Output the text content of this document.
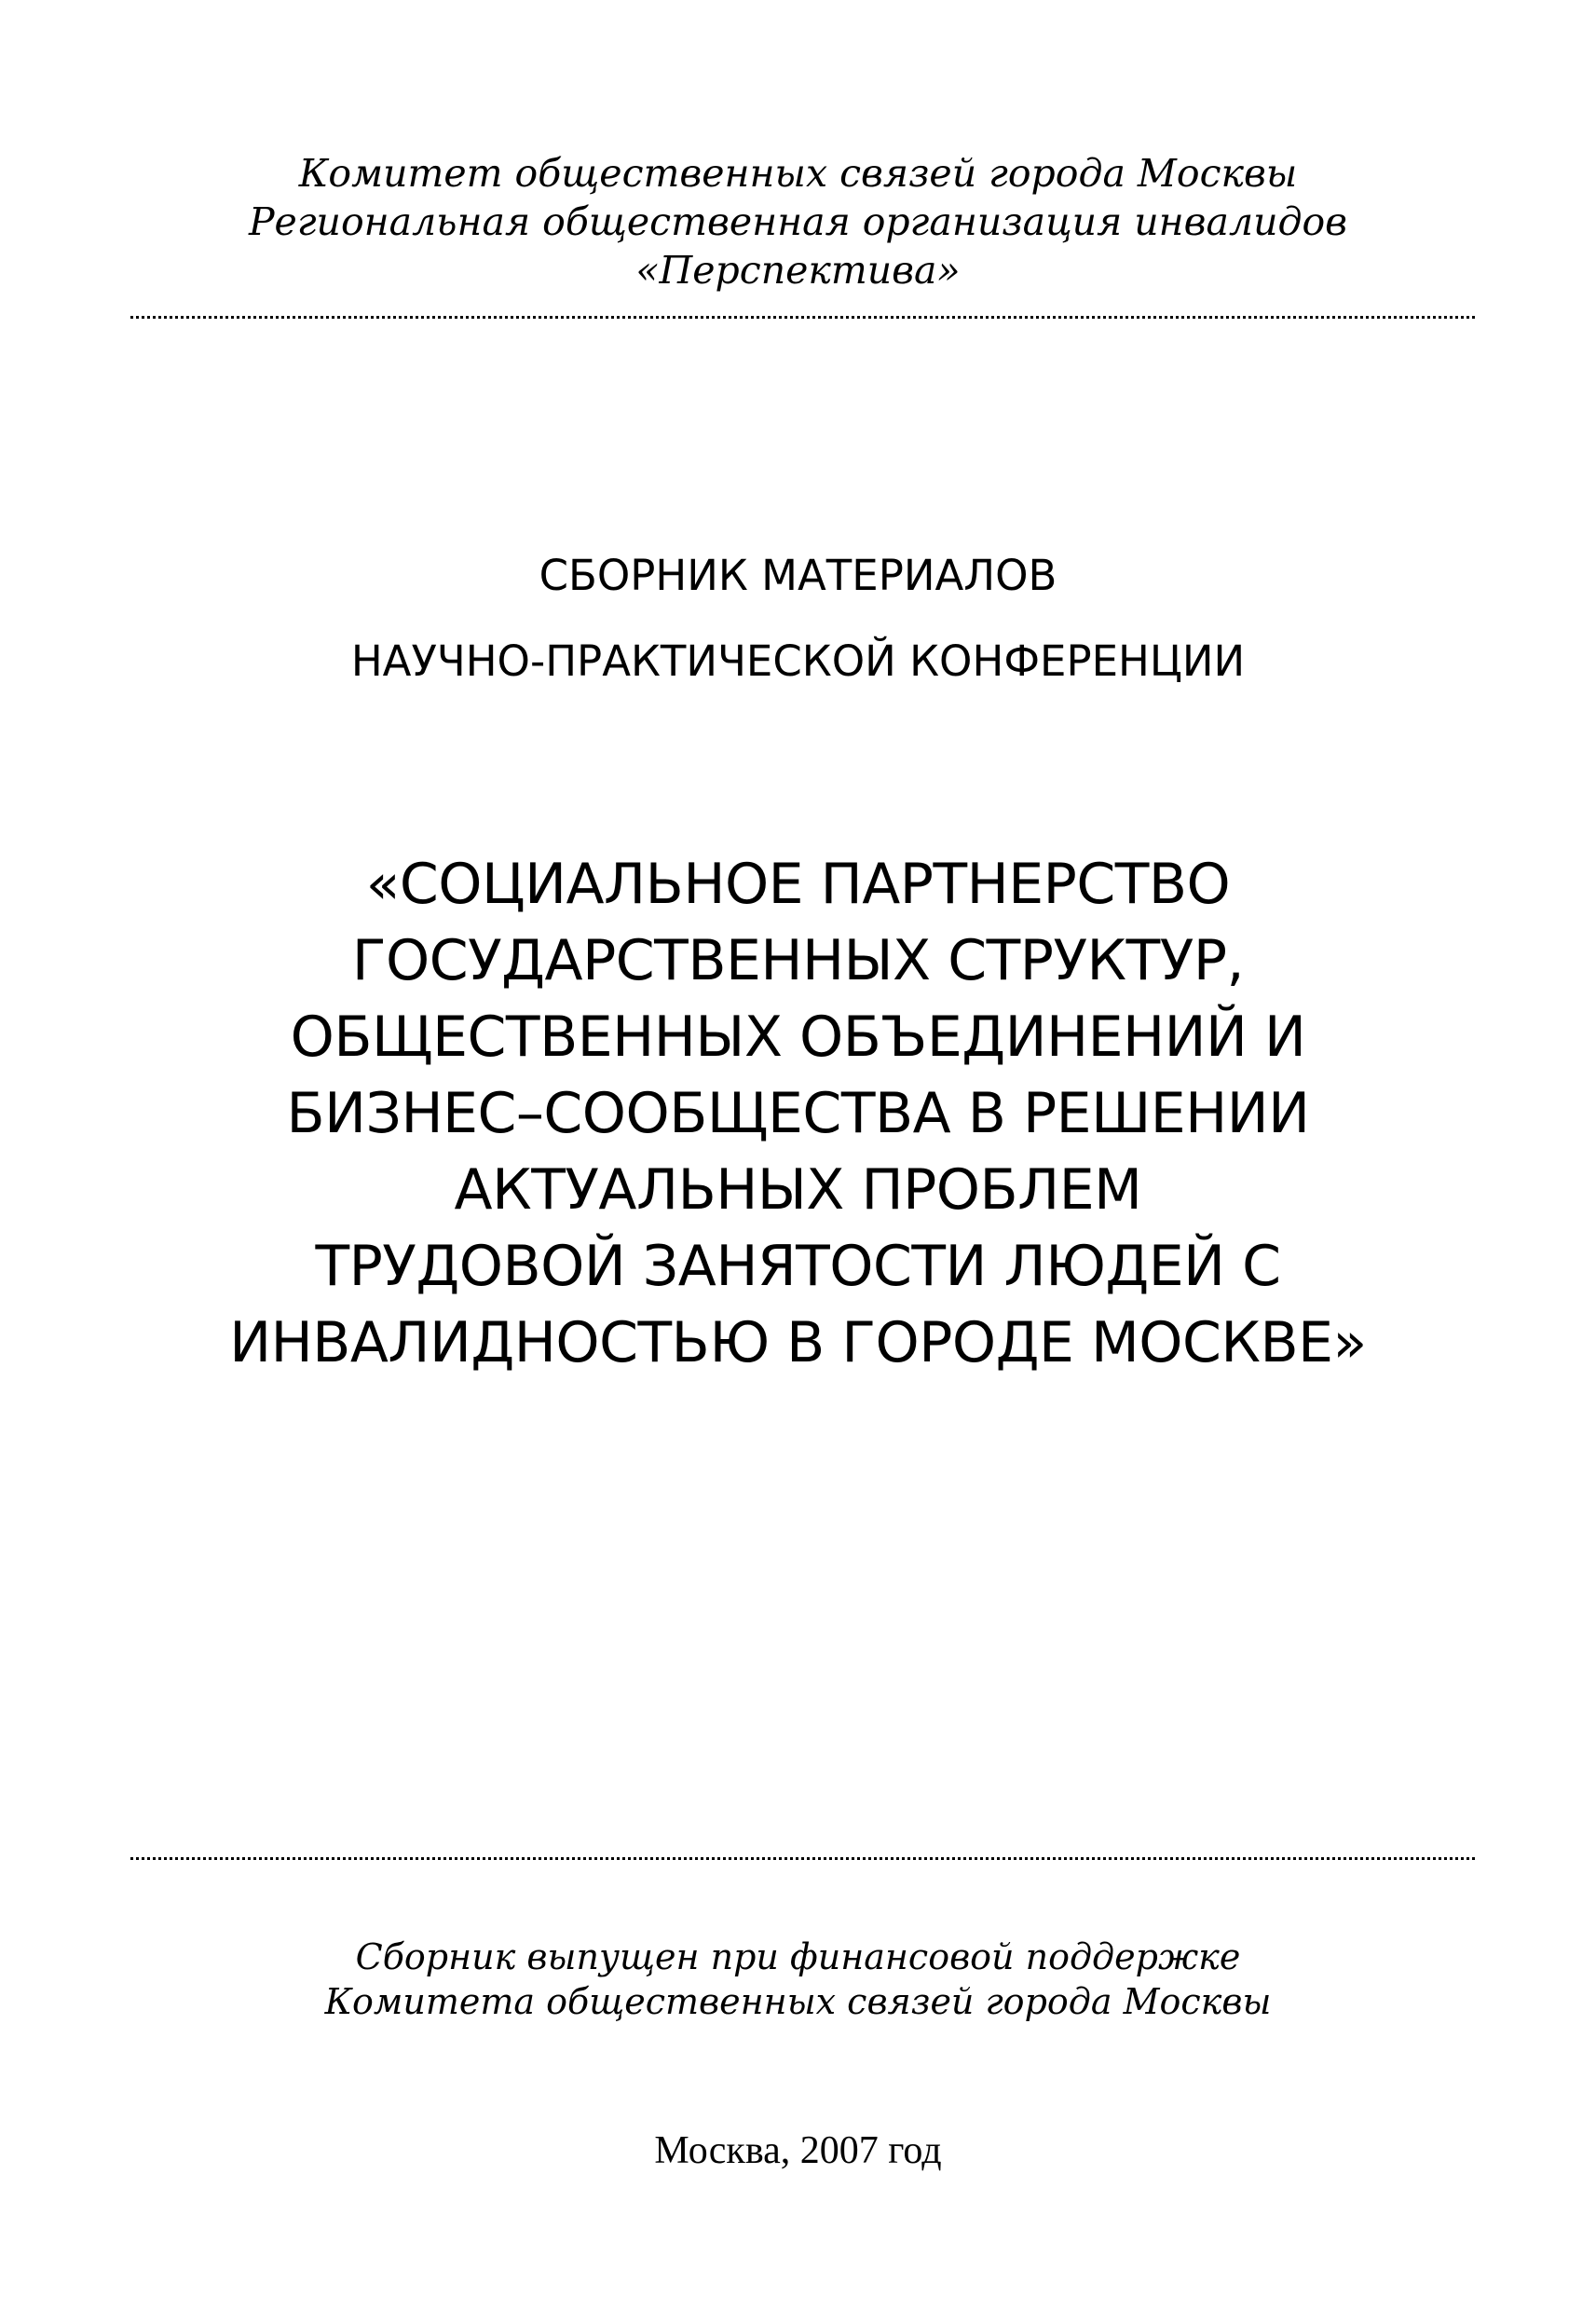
Комитет общественных связей города Москвы
Региональная общественная организация инвалидов
«Перспектива»
СБОРНИК МАТЕРИАЛОВ
НАУЧНО-ПРАКТИЧЕСКОЙ КОНФЕРЕНЦИИ
«СОЦИАЛЬНОЕ ПАРТНЕРСТВО
ГОСУДАРСТВЕННЫХ СТРУКТУР,
ОБЩЕСТВЕННЫХ ОБЪЕДИНЕНИЙ И
БИЗНЕС–СООБЩЕСТВА В РЕШЕНИИ
АКТУАЛЬНЫХ ПРОБЛЕМ
ТРУДОВОЙ ЗАНЯТОСТИ ЛЮДЕЙ С
ИНВАЛИДНОСТЬЮ В ГОРОДЕ МОСКВЕ»
Сборник выпущен при финансовой поддержке
Комитета общественных связей города Москвы
Москва, 2007 год
